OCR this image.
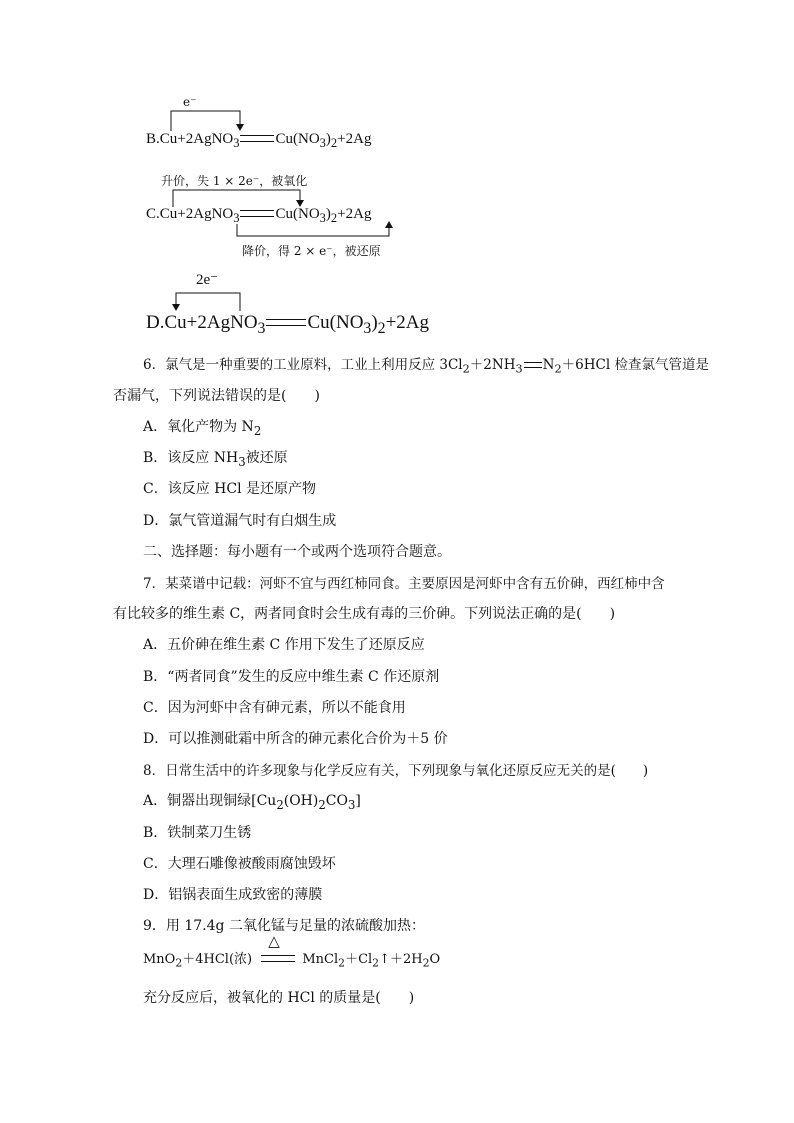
e⁻
B.Cu+2AgNO$_3$ $Cu(NO_3)_2+2Ag$
升价，失 1 × 2e⁻，被氧化
C.Cu+2AgNO$_3$ $Cu(NO_3)_2+2Ag$
降价，得 2 × e⁻，被还原
2e⁻
D.Cu+2AgNO$_3$ $Cu(NO_3)_2+2Ag$
6．氯气是一种重要的工业原料，工业上利用反应 $3Cl_2+2NH_3$ $N_2+6HCl$ 检查氯气管道是
否漏气，下列说法错误的是(　　)
A．氧化产物为 $N_2$
B．该反应 $NH_3$被还原
C．该反应 HCl 是还原产物
D．氯气管道漏气时有白烟生成
二、选择题：每小题有一个或两个选项符合题意。
7．某菜谱中记载：河虾不宜与西红柿同食。主要原因是河虾中含有五价砷，西红柿中含
有比较多的维生素 C，两者同食时会生成有毒的三价砷。下列说法正确的是(　　)
A．五价砷在维生素 C 作用下发生了还原反应
B．“两者同食”发生的反应中维生素 C 作还原剂
C．因为河虾中含有砷元素，所以不能食用
D．可以推测砒霜中所含的砷元素化合价为＋5 价
8．日常生活中的许多现象与化学反应有关，下列现象与氧化还原反应无关的是(　　)
A．铜器出现铜绿$[Cu_2(OH)_2CO_3]$
B．铁制菜刀生锈
C．大理石雕像被酸雨腐蚀毁坏
D．铝锅表面生成致密的薄膜
9．用 17.4g 二氧化锰与足量的浓硫酸加热：
MnO$_2$＋4HCl(浓)
△
$MnCl_2+Cl_2↑+2H_2O$
充分反应后，被氧化的 HCl 的质量是(　　)
